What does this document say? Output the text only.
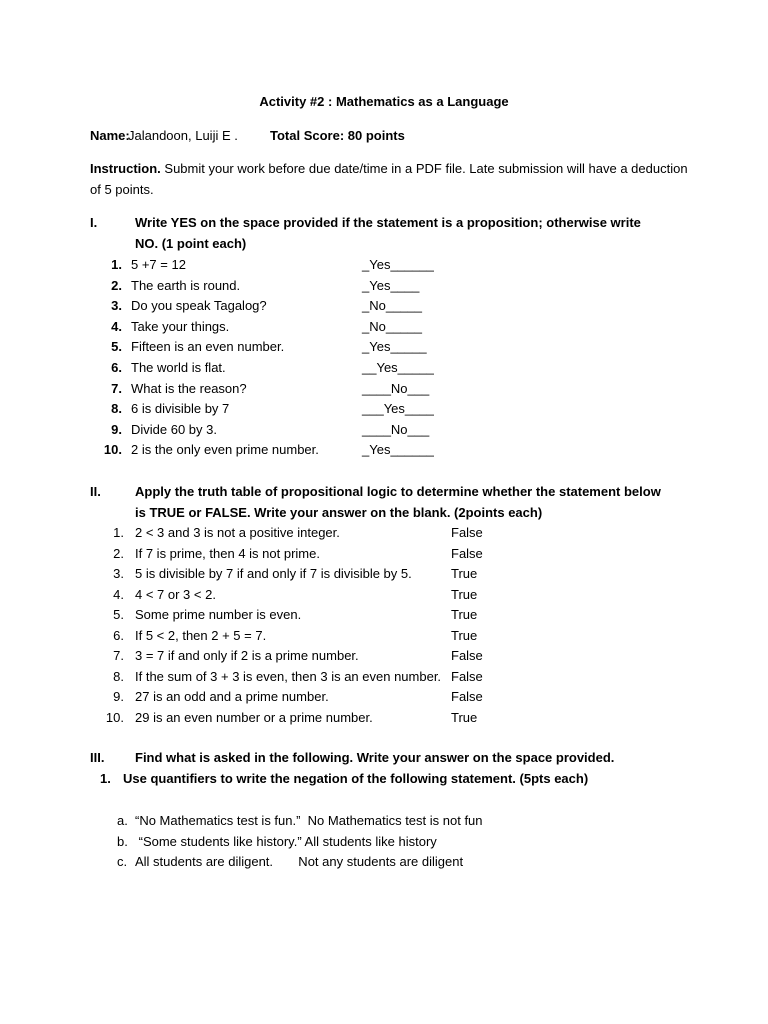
Activity #2 : Mathematics as a Language
Name:
Jalandoon, Luiji E . Total Score: 80 points
Instruction. Submit your work before due date/time in a PDF file. Late submission will have a deduction of 5 points.
I.	Write YES on the space provided if the statement is a proposition; otherwise write NO. (1 point each)
II.	Apply the truth table of propositional logic to determine whether the statement below is TRUE or FALSE. Write your answer on the blank. (2points each)
III. Find what is asked in the following. Write your answer on the space provided.
1. Use quantifiers to write the negation of the following statement. (5pts each)
1. 5 +7 = 12	_Yes______
2. The earth is round.	_Yes____
3. Do you speak Tagalog?	_No_____
4. Take your things.	_No_____
5. Fifteen is an even number.	_Yes_____
6. The world is flat.	__Yes_____
7. What is the reason?	____No___
8. 6 is divisible by 7	___Yes____
9. Divide 60 by 3.	____No___
10. 2 is the only even prime number.	_Yes______
1. 2 < 3 and 3 is not a positive integer.	False
2. If 7 is prime, then 4 is not prime.	False
3. 5 is divisible by 7 if and only if 7 is divisible by 5.	True
4. 4 < 7 or 3 < 2.	True
5. Some prime number is even.	True
6. If 5 < 2, then 2 + 5 = 7.	True
7. 3 = 7 if and only if 2 is a prime number.	False
8. If the sum of 3 + 3 is even, then 3 is an even number. False
9. 27 is an odd and a prime number.	False
10. 29 is an even number or a prime number.	True
a. “No Mathematics test is fun.”  No Mathematics test is not fun
b. “Some students like history.” All students like history
c. All students are diligent.       Not any students are diligent
